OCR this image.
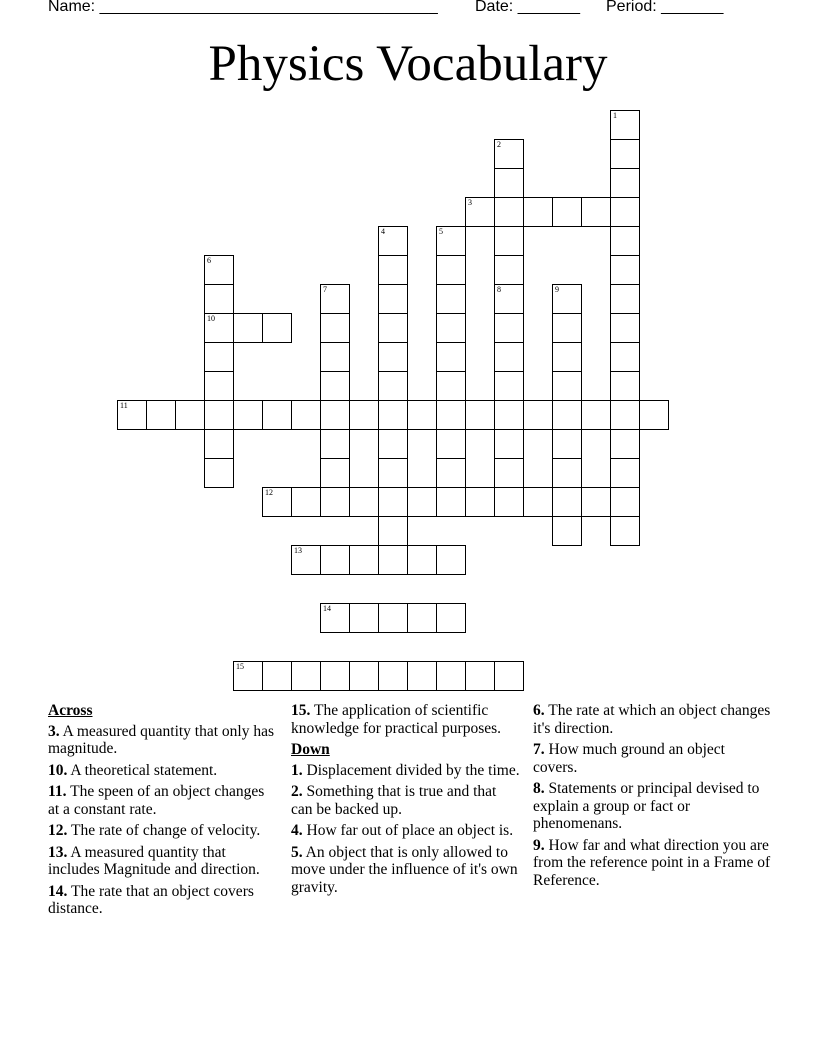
Name: ______________________________________ Date: _______ Period: _______
Physics Vocabulary
1
2
3
4	5
6
10
7	8	9
11
12
13
14
15
Across
3. A measured quantity that only has magnitude.
10. A theoretical statement.
11. The speen of an object changes at a constant rate.
12. The rate of change of velocity.
13. A measured quantity that includes Magnitude and direction.
14. The rate that an object covers distance.
15. The application of scientific knowledge for practical purposes.
Down
1. Displacement divided by the time.
2. Something that is true and that can be backed up.
4. How far out of place an object is.
5. An object that is only allowed to move under the influence of it's own gravity.
6. The rate at which an object changes it's direction.
7. How much ground an object covers.
8. Statements or principal devised to explain a group or fact or phenomenans.
9. How far and what direction you are from the reference point in a Frame of Reference.
